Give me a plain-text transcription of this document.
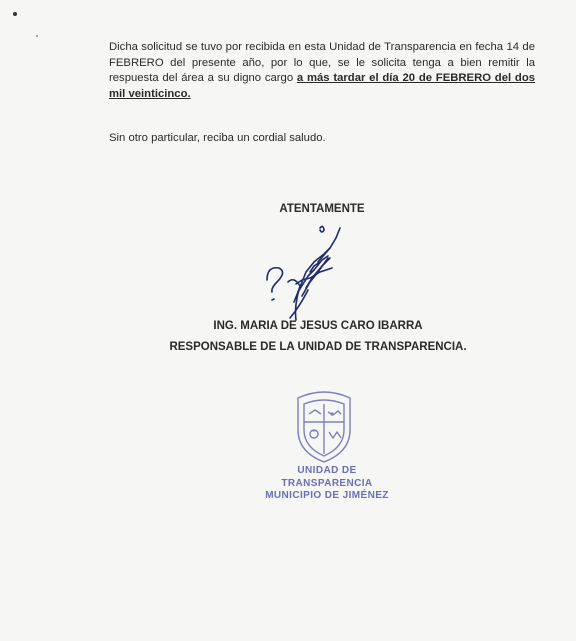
Dicha solicitud se tuvo por recibida en esta Unidad de Transparencia en fecha 14 de FEBRERO del presente año, por lo que, se le solicita tenga a bien remitir la respuesta del área a su digno cargo a más tardar el día 20 de FEBRERO del dos mil veinticinco.

Sin otro particular, reciba un cordial saludo.

ATENTAMENTE
ING. MARIA DE JESUS CARO IBARRA
RESPONSABLE DE LA UNIDAD DE TRANSPARENCIA.
UNIDAD DE
TRANSPARENCIA
MUNICIPIO DE JIMÉNEZ
